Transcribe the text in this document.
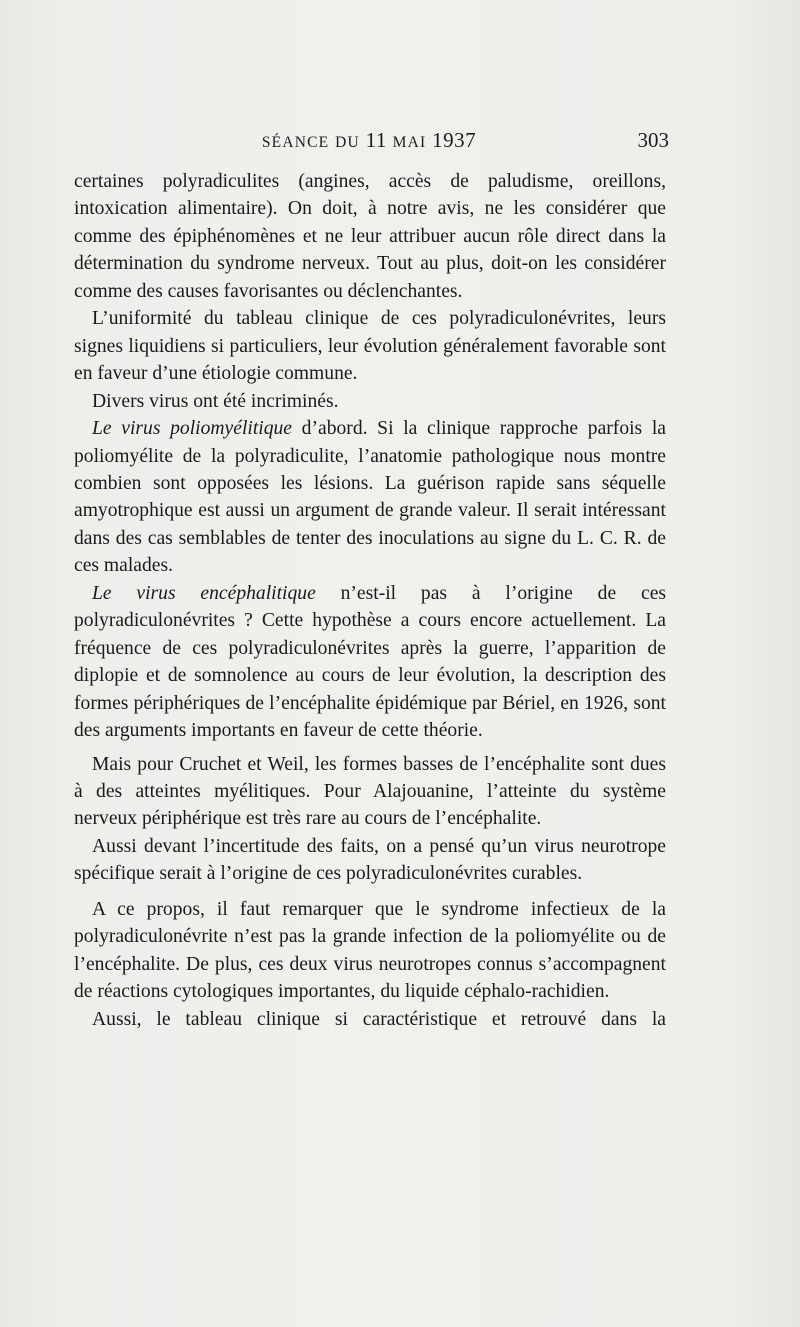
SÉANCE DU 11 MAI 1937	303

certaines polyradiculites (angines, accès de paludisme, oreillons, intoxication alimentaire). On doit, à notre avis, ne les considérer que comme des épiphénomènes et ne leur attribuer aucun rôle direct dans la détermination du syndrome nerveux. Tout au plus, doit-on les considérer comme des causes favorisantes ou déclenchantes.

L’uniformité du tableau clinique de ces polyradiculonévrites, leurs signes liquidiens si particuliers, leur évolution généralement favorable sont en faveur d’une étiologie commune.

Divers virus ont été incriminés.

Le virus poliomyélitique d’abord. Si la clinique rapproche parfois la poliomyélite de la polyradiculite, l’anatomie pathologique nous montre combien sont opposées les lésions. La guérison rapide sans séquelle amyotrophique est aussi un argument de grande valeur. Il serait intéressant dans des cas semblables de tenter des inoculations au signe du L. C. R. de ces malades.

Le virus encéphalitique n’est-il pas à l’origine de ces polyradiculonévrites ? Cette hypothèse a cours encore actuellement. La fréquence de ces polyradiculonévrites après la guerre, l’apparition de diplopie et de somnolence au cours de leur évolution, la description des formes périphériques de l’encéphalite épidémique par Bériel, en 1926, sont des arguments importants en faveur de cette théorie.

Mais pour Cruchet et Weil, les formes basses de l’encéphalite sont dues à des atteintes myélitiques. Pour Alajouanine, l’atteinte du système nerveux périphérique est très rare au cours de l’encéphalite.

Aussi devant l’incertitude des faits, on a pensé qu’un virus neurotrope spécifique serait à l’origine de ces polyradiculonévrites curables.

A ce propos, il faut remarquer que le syndrome infectieux de la polyradiculonévrite n’est pas la grande infection de la poliomyélite ou de l’encéphalite. De plus, ces deux virus neurotropes connus s’accompagnent de réactions cytologiques importantes, du liquide céphalo-rachidien.

Aussi, le tableau clinique si caractéristique et retrouvé dans la
